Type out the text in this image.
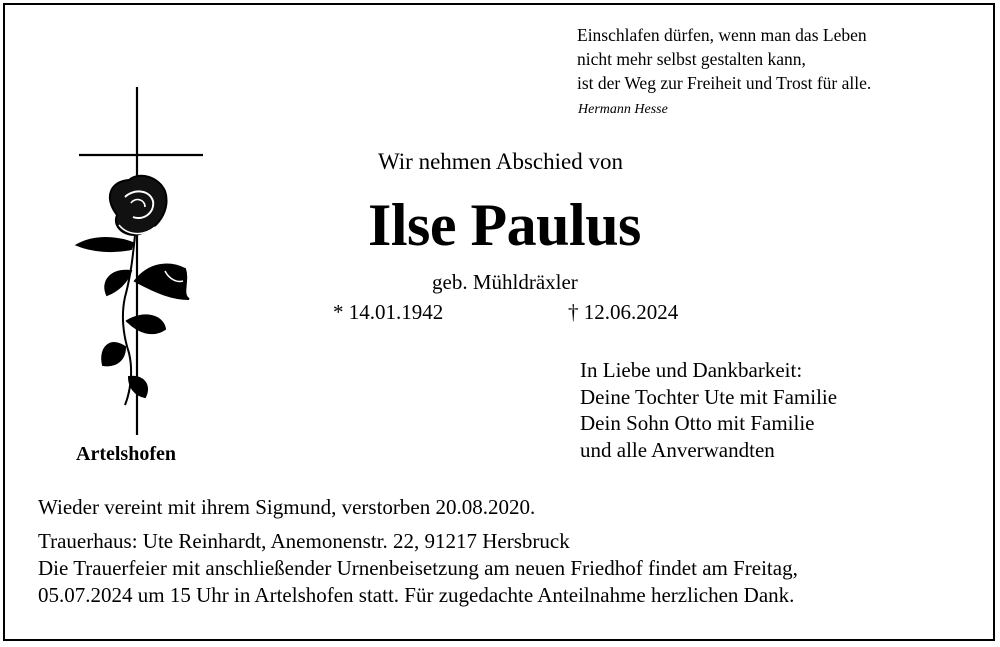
Einschlafen dürfen, wenn man das Leben
nicht mehr selbst gestalten kann,
ist der Weg zur Freiheit und Trost für alle.
Hermann Hesse
Wir nehmen Abschied von
Ilse Paulus
geb. Mühldräxler
* 14.01.1942	† 12.06.2024
In Liebe und Dankbarkeit:
Deine Tochter Ute mit Familie
Dein Sohn Otto mit Familie
und alle Anverwandten
Artelshofen
Wieder vereint mit ihrem Sigmund, verstorben 20.08.2020.
Trauerhaus: Ute Reinhardt, Anemonenstr. 22, 91217 Hersbruck
Die Trauerfeier mit anschließender Urnenbeisetzung am neuen Friedhof findet am Freitag,
05.07.2024 um 15 Uhr in Artelshofen statt. Für zugedachte Anteilnahme herzlichen Dank.
